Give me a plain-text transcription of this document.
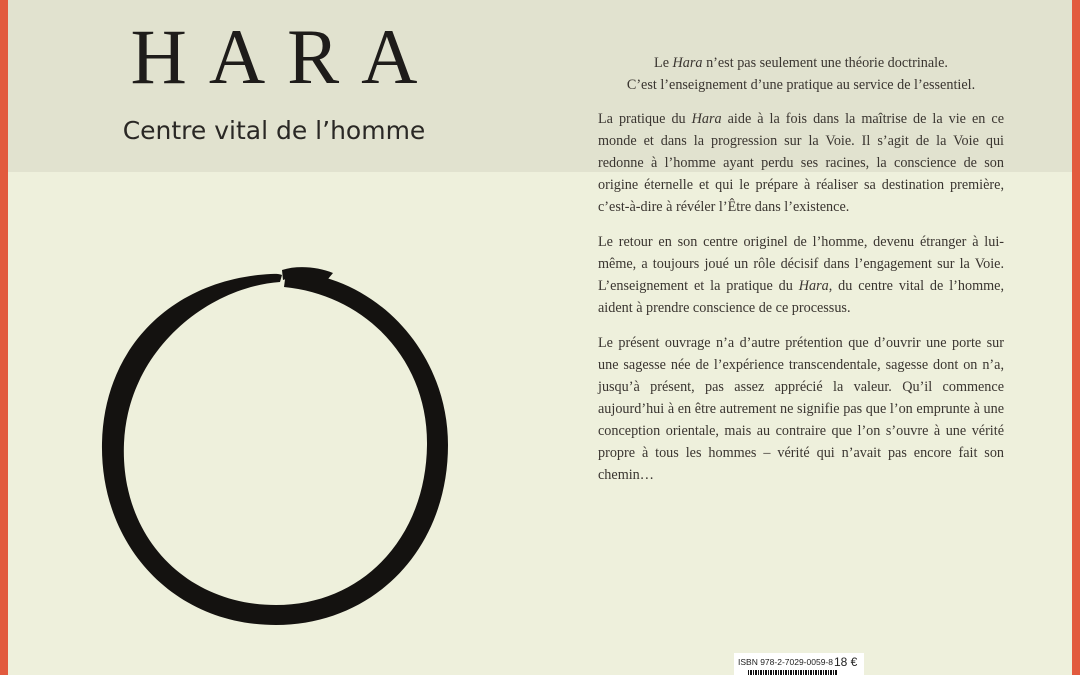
HARA
Centre vital de l’homme

Le Hara n’est pas seulement une théorie doctrinale.
C’est l’enseignement d’une pratique au service de l’essentiel.

La pratique du Hara aide à la fois dans la maîtrise de la vie en ce monde et dans la progression sur la Voie. Il s’agit de la Voie qui redonne à l’homme ayant perdu ses racines, la conscience de son origine éternelle et qui le prépare à réaliser sa destination première, c’est-à-dire à révéler l’Être dans l’existence.

Le retour en son centre originel de l’homme, devenu étranger à lui-même, a toujours joué un rôle décisif dans l’engagement sur la Voie. L’enseignement et la pratique du Hara, du centre vital de l’homme, aident à prendre conscience de ce processus.

Le présent ouvrage n’a d’autre prétention que d’ouvrir une porte sur une sagesse née de l’expérience transcendentale, sagesse dont on n’a, jusqu’à présent, pas assez apprécié la valeur. Qu’il commence aujourd’hui à en être autrement ne signifie pas que l’on emprunte à une conception orientale, mais au contraire que l’on s’ouvre à une vérité propre à tous les hommes – vérité qui n’avait pas encore fait son chemin…

ISBN 978-2-7029-0059-8 18 €
